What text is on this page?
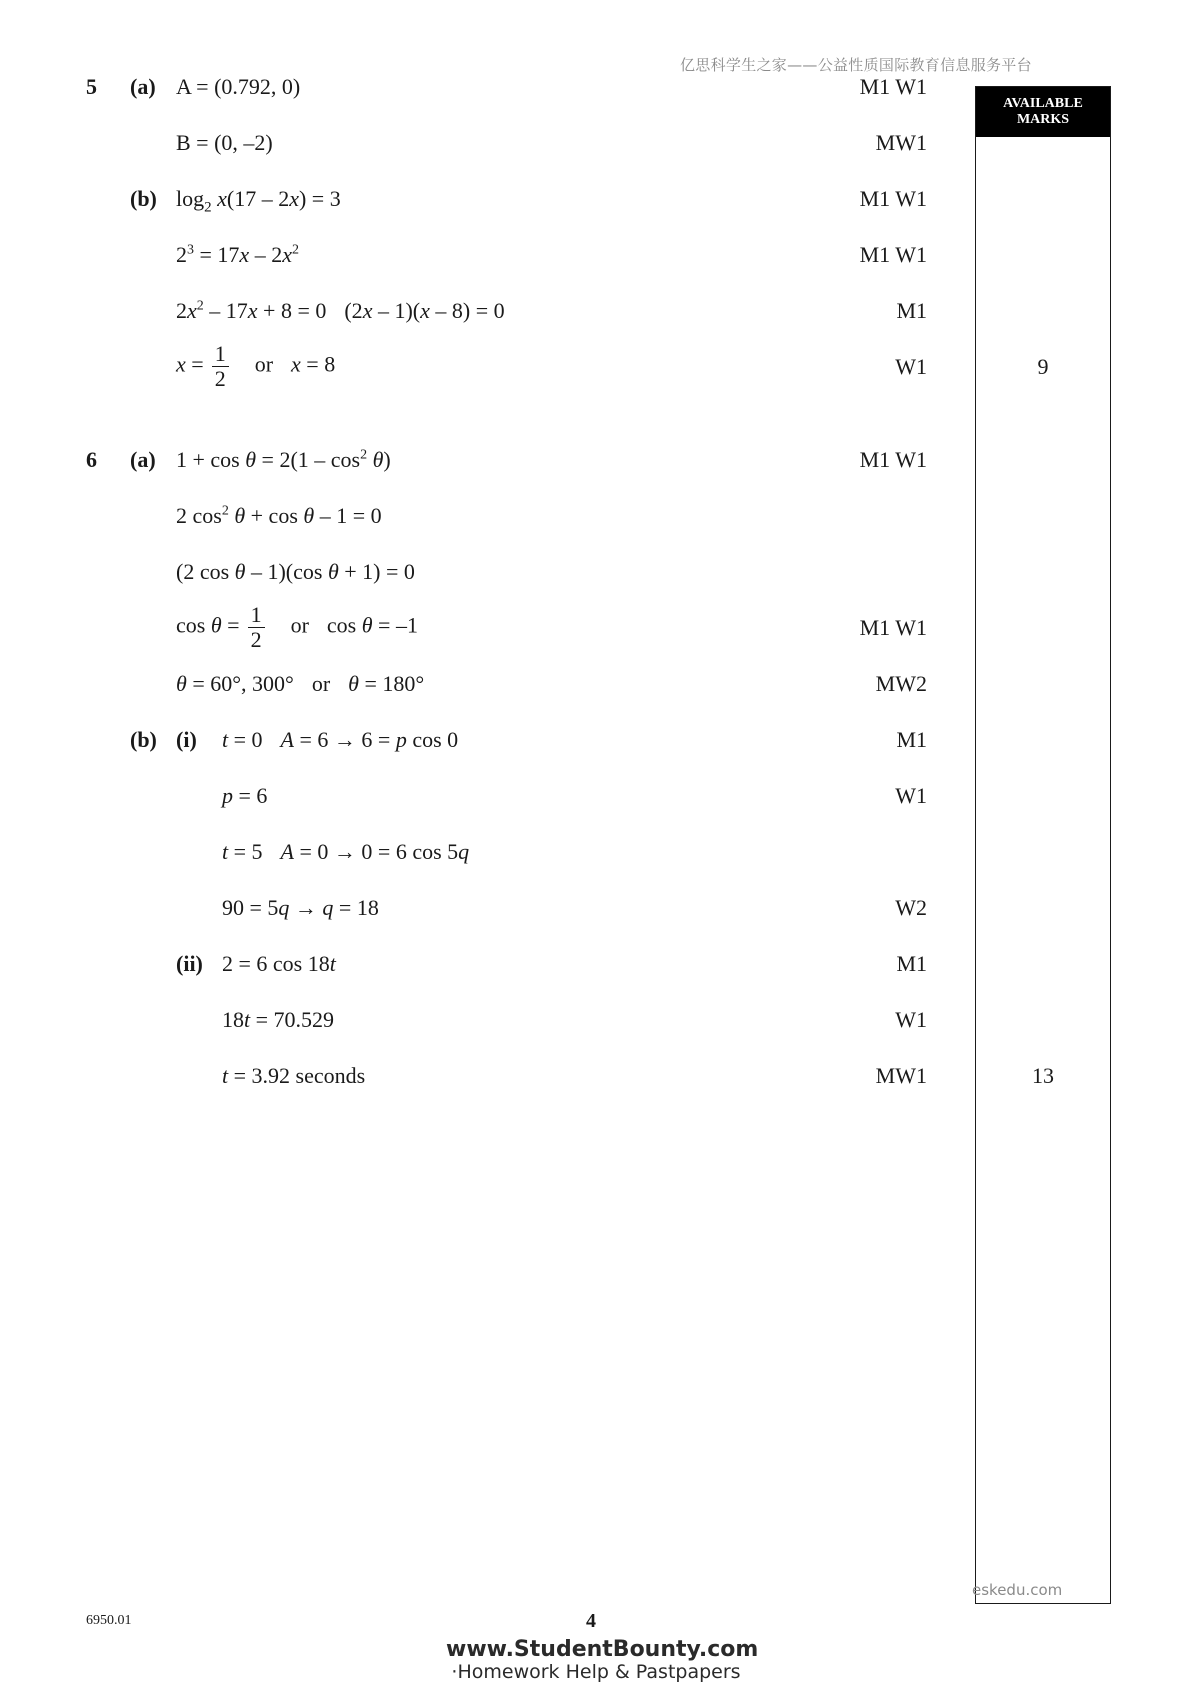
亿思科学生之家——公益性质国际教育信息服务平台
AVAILABLE
MARKS
5 (a) A = (0.792, 0)	M1 W1
B = (0, –2)	MW1
(b) $\log_2 x(17 - 2x) = 3$	M1 W1
$2^3 = 17x - 2x^2$	M1 W1
$2x^2 - 17x + 8 = 0$ (2x – 1)(x – 8) = 0	M1
$x = \frac{1}{2}$ or x = 8	W1	9
6 (a) $1 + \cos \theta = 2(1 - \cos^2 \theta)$	M1 W1
2 $\cos^2 \theta + \cos \theta - 1 = 0$
(2 cos θ – 1)(cos θ + 1) = 0
$\cos \theta = \frac{1}{2}$ or cos θ = –1	M1 W1
θ = 60°, 300° or θ = 180°	MW2
(b) (i) t = 0 A = 6 → 6 = p cos 0	M1
p = 6	W1
t = 5 A = 0 → 0 = 6 cos 5q
90 = 5q → q = 18	W2
(ii) 2 = 6 cos 18t	M1
18t = 70.529	W1
t = 3.92 seconds	MW1	13
eskedu.com
6950.01	4
www.StudentBounty.com
·Homework Help & Pastpapers
